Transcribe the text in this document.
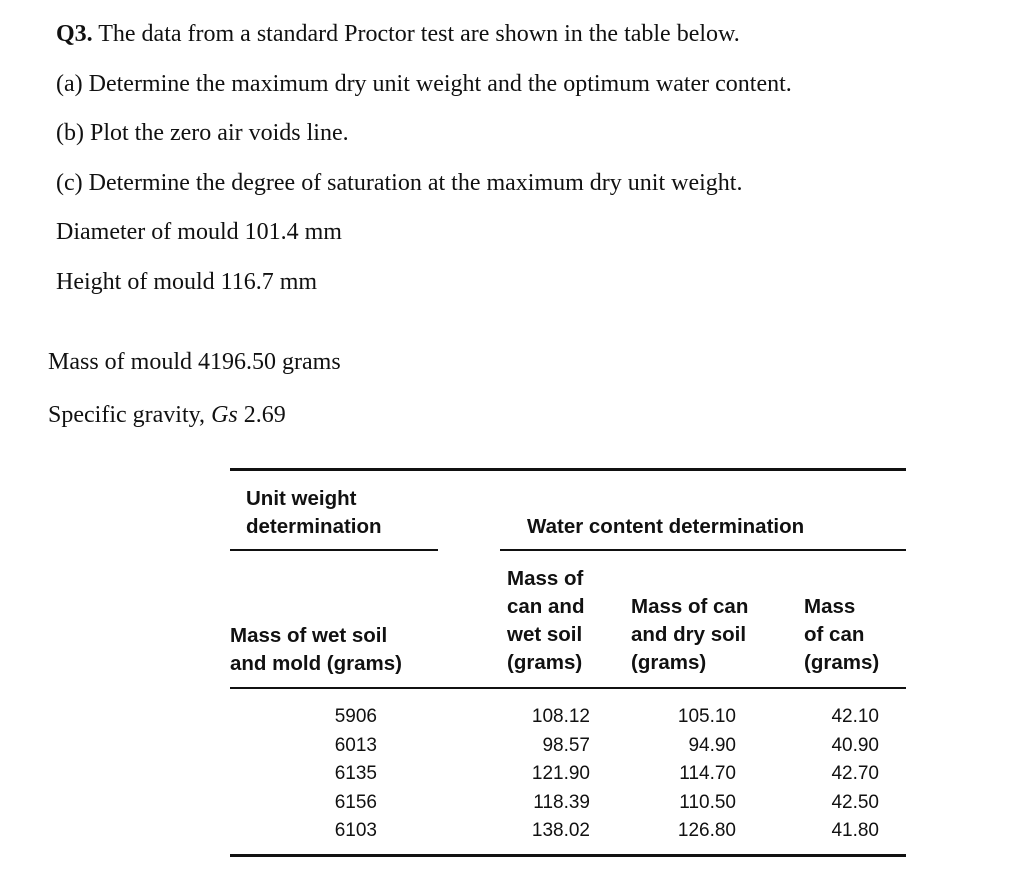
Q3. The data from a standard Proctor test are shown in the table below.
(a) Determine the maximum dry unit weight and the optimum water content.
(b) Plot the zero air voids line.
(c) Determine the degree of saturation at the maximum dry unit weight.
Diameter of mould 101.4 mm
Height of mould 116.7 mm
Mass of mould 4196.50 grams
Specific gravity, Gs 2.69
Unit weight
determination	Water content determination
Mass of wet soil
and mold (grams)
Mass of
can and
wet soil
(grams)
Mass of can
and dry soil
(grams)
Mass
of can
(grams)
5906
6013
6135
6156
6103
108.12
98.57
121.90
118.39
138.02
105.10
94.90
114.70
110.50
126.80
42.10
40.90
42.70
42.50
41.80
